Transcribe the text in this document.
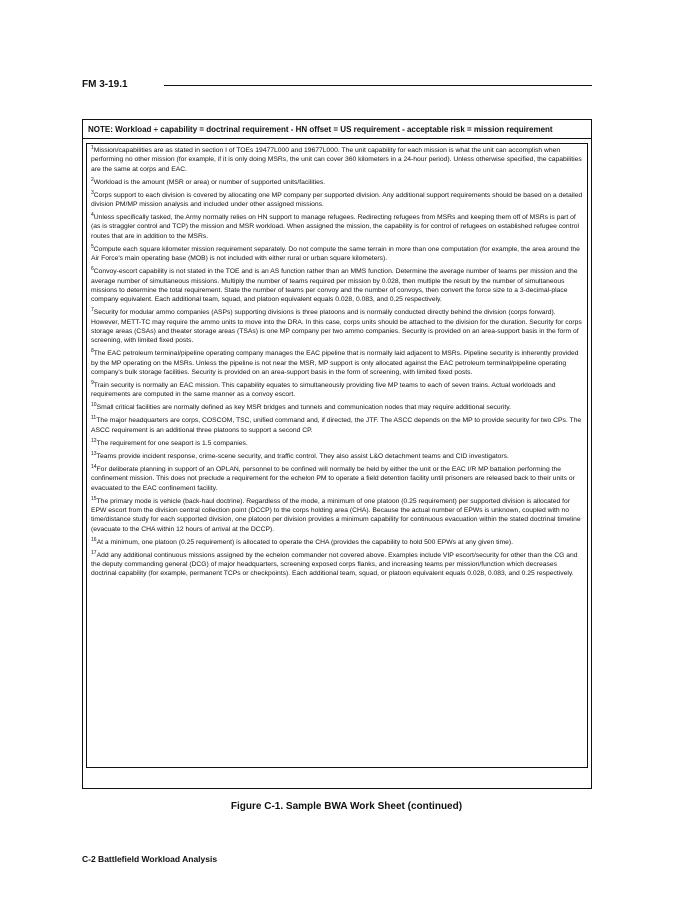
FM 3-19.1
NOTE: Workload ÷ capability = doctrinal requirement - HN offset = US requirement - acceptable risk = mission requirement

$^1$Mission/capabilities are as stated in section I of TOEs 19477L000 and 19677L000. The unit capability for each mission is what the unit can accomplish when performing no other mission (for example, if it is only doing MSRs, the unit can cover 360 kilometers in a 24-hour period). Unless otherwise specified, the capabilities are the same at corps and EAC.

$^2$Workload is the amount (MSR or area) or number of supported units/facilities.

$^3$Corps support to each division is covered by allocating one MP company per supported division. Any additional support requirements should be based on a detailed division PM/MP mission analysis and included under other assigned missions.

$^4$Unless specifically tasked, the Army normally relies on HN support to manage refugees. Redirecting refugees from MSRs and keeping them off of MSRs is part of (as is straggler control and TCP) the mission and MSR workload. When assigned the mission, the capability is for control of refugees on established refugee control routes that are in addition to the MSRs.

$^5$Compute each square kilometer mission requirement separately. Do not compute the same terrain in more than one computation (for example, the area around the Air Force's main operating base (MOB) is not included with either rural or urban square kilometers).

$^6$Convoy-escort capability is not stated in the TOE and is an AS function rather than an MMS function. Determine the average number of teams per mission and the average number of simultaneous missions. Multiply the number of teams required per mission by 0.028, then multiple the result by the number of simultaneous missions to determine the total requirement. State the number of teams per convoy and the number of convoys, then convert the force size to a 3-decimal-place company equivalent. Each additional team, squad, and platoon equivalent equals 0.028, 0.083, and 0.25 respectively.

$^7$Security for modular ammo companies (ASPs) supporting divisions is three platoons and is normally conducted directly behind the division (corps forward). However, METT-TC may require the ammo units to move into the DRA. In this case, corps units should be attached to the division for the duration. Security for corps storage areas (CSAs) and theater storage areas (TSAs) is one MP company per two ammo companies. Security is provided on an area-support basis in the form of screening, with limited fixed posts.

$^8$The EAC petroleum terminal/pipeline operating company manages the EAC pipeline that is normally laid adjacent to MSRs. Pipeline security is inherently provided by the MP operating on the MSRs. Unless the pipeline is not near the MSR, MP support is only allocated against the EAC petroleum terminal/pipeline operating company's bulk storage facilities. Security is provided on an area-support basis in the form of screening, with limited fixed posts.

$^9$Train security is normally an EAC mission. This capability equates to simultaneously providing five MP teams to each of seven trains. Actual workloads and requirements are computed in the same manner as a convoy escort.

$^{10}$Small critical facilities are normally defined as key MSR bridges and tunnels and communication nodes that may require additional security.

$^{11}$The major headquarters are corps, COSCOM, TSC, unified command and, if directed, the JTF. The ASCC depends on the MP to provide security for two CPs. The ASCC requirement is an additional three platoons to support a second CP.

$^{12}$The requirement for one seaport is 1.5 companies.

$^{13}$Teams provide incident response, crime-scene security, and traffic control. They also assist L&O detachment teams and CID investigators.

$^{14}$For deliberate planning in support of an OPLAN, personnel to be confined will normally be held by either the unit or the EAC I/R MP battalion performing the confinement mission. This does not preclude a requirement for the echelon PM to operate a field detention facility until prisoners are released back to their units or evacuated to the EAC confinement facility.

$^{15}$The primary mode is vehicle (back-haul doctrine). Regardless of the mode, a minimum of one platoon (0.25 requirement) per supported division is allocated for EPW escort from the division central collection point (DCCP) to the corps holding area (CHA). Because the actual number of EPWs is unknown, coupled with no time/distance study for each supported division, one platoon per division provides a minimum capability for continuous evacuation within the stated doctrinal timeline (evacuate to the CHA within 12 hours of arrival at the DCCP).

$^{16}$At a minimum, one platoon (0.25 requirement) is allocated to operate the CHA (provides the capability to hold 500 EPWs at any given time).

$^{17}$Add any additional continuous missions assigned by the echelon commander not covered above. Examples include VIP escort/security for other than the CG and the deputy commanding general (DCG) of major headquarters, screening exposed corps flanks, and increasing teams per mission/function which decreases doctrinal capability (for example, permanent TCPs or checkpoints). Each additional team, squad, or platoon equivalent equals 0.028, 0.083, and 0.25 respectively.

Figure C-1. Sample BWA Work Sheet (continued)
C-2 Battlefield Workload Analysis
